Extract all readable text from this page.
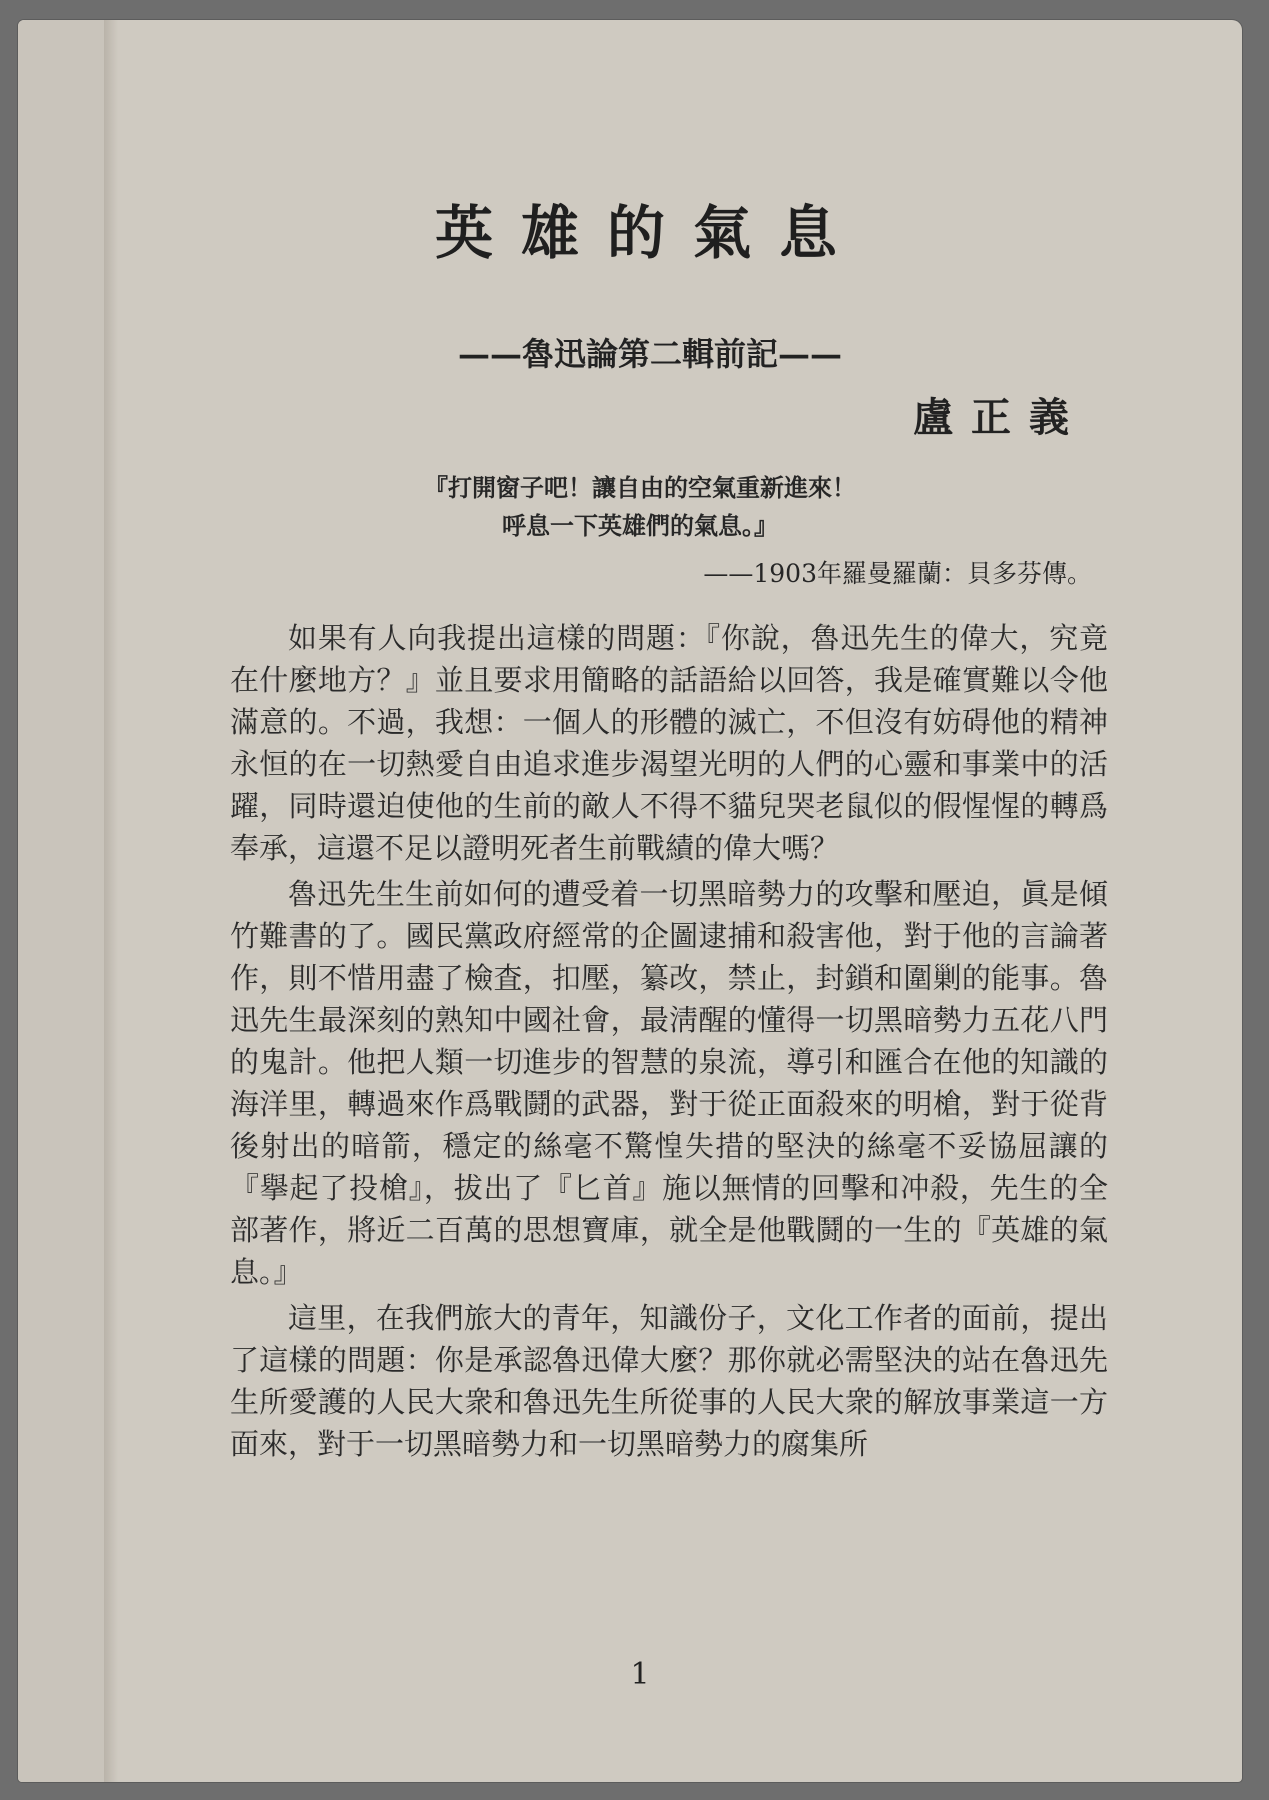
英雄的氣息
——魯迅論第二輯前記——
盧正義
『打開窗子吧！讓自由的空氣重新進來！
呼息一下英雄們的氣息。』
——1903年羅曼羅蘭：貝多芬傳。

如果有人向我提出這樣的問題：『你說，魯迅先生的偉大，究竟在什麼地方？』並且要求用簡略的話語給以回答，我是確實難以令他滿意的。不過，我想：一個人的形體的滅亡，不但沒有妨碍他的精神永恒的在一切熱愛自由追求進步渴望光明的人們的心靈和事業中的活躍，同時還迫使他的生前的敵人不得不貓兒哭老鼠似的假惺惺的轉爲奉承，這還不足以證明死者生前戰績的偉大嗎？

魯迅先生生前如何的遭受着一切黑暗勢力的攻擊和壓迫，眞是傾竹難書的了。國民黨政府經常的企圖逮捕和殺害他，對于他的言論著作，則不惜用盡了檢査，扣壓，纂改，禁止，封鎖和圍剿的能事。魯迅先生最深刻的熟知中國社會，最淸醒的懂得一切黑暗勢力五花八門的鬼計。他把人類一切進步的智慧的泉流，導引和匯合在他的知識的海洋里，轉過來作爲戰鬪的武器，對于從正面殺來的明槍，對于從背後射出的暗箭，穩定的絲毫不驚惶失措的堅決的絲毫不妥協屈讓的『擧起了投槍』，拔出了『匕首』施以無情的回擊和冲殺，先生的全部著作，將近二百萬的思想寶庫，就全是他戰鬪的一生的『英雄的氣息。』

這里，在我們旅大的青年，知識份子，文化工作者的面前，提出了這樣的問題：你是承認魯迅偉大麼？那你就必需堅決的站在魯迅先生所愛護的人民大衆和魯迅先生所從事的人民大衆的解放事業這一方面來，對于一切黑暗勢力和一切黑暗勢力的腐集所

1
